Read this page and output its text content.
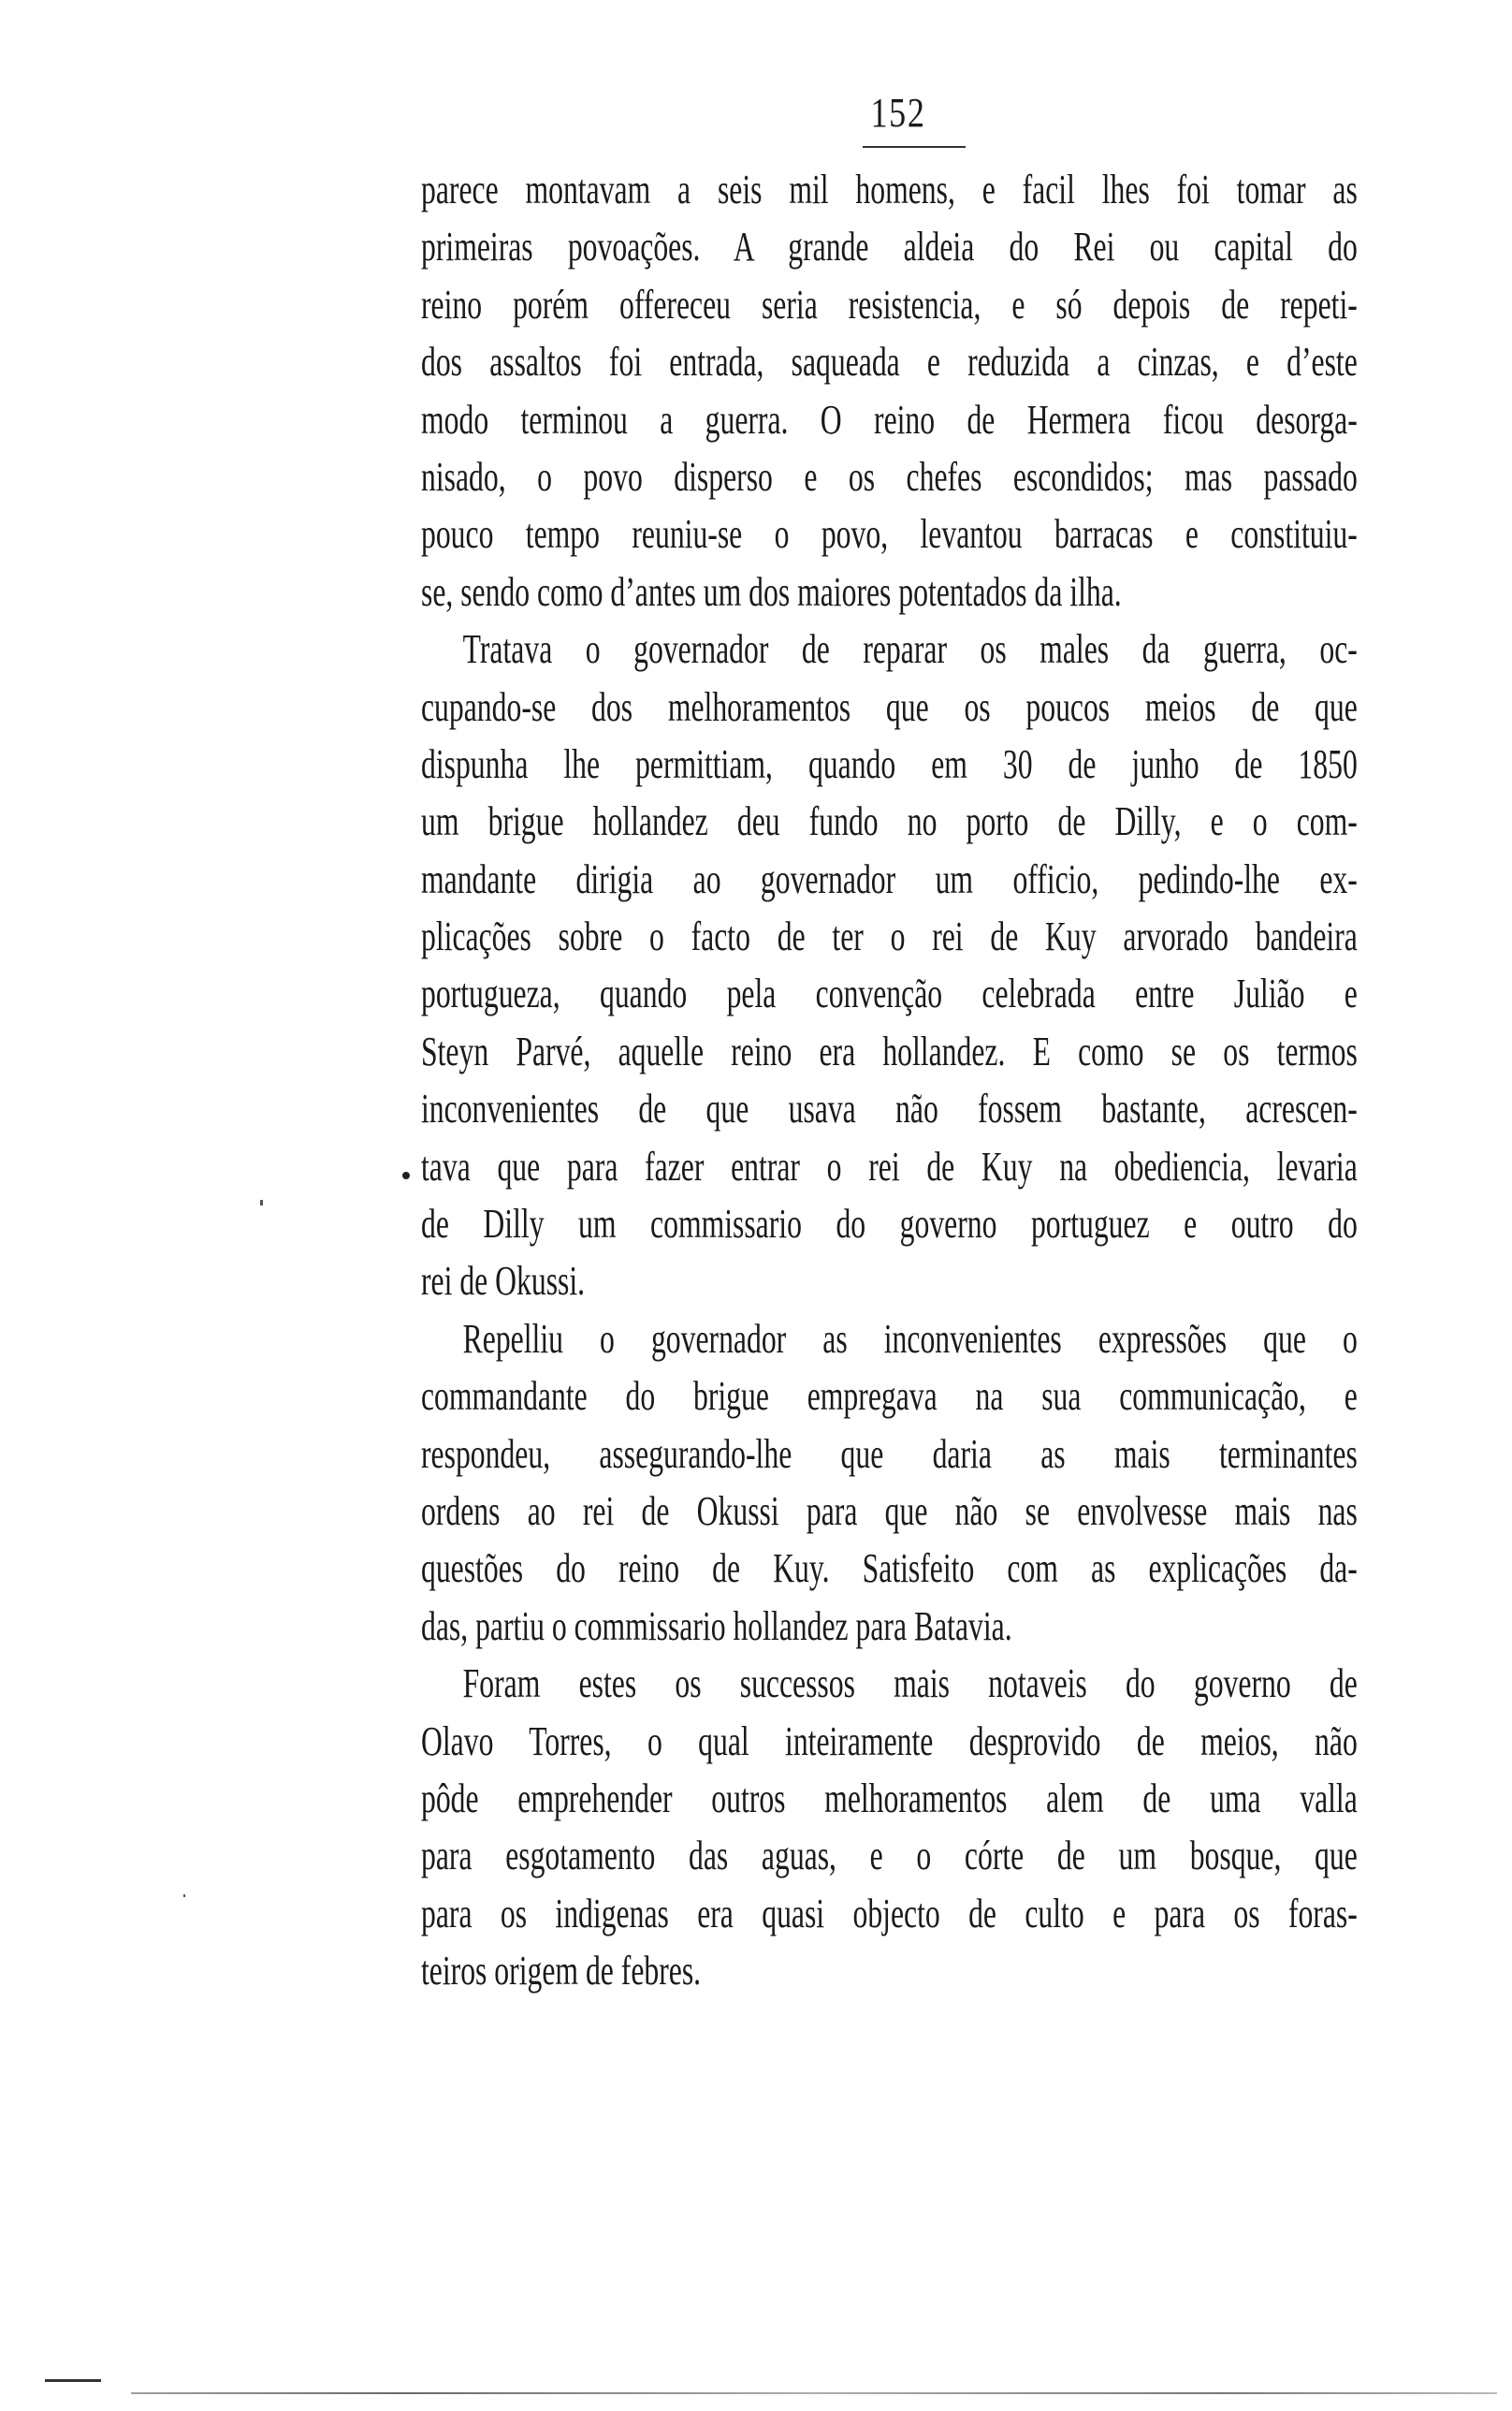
152
parece montavam a seis mil homens, e facil lhes foi tomar as
primeiras povoações. A grande aldeia do Rei ou capital do
reino porém offereceu seria resistencia, e só depois de repeti-
dos assaltos foi entrada, saqueada e reduzida a cinzas, e d’este
modo terminou a guerra. O reino de Hermera ficou desorga-
nisado, o povo disperso e os chefes escondidos; mas passado
pouco tempo reuniu-se o povo, levantou barracas e constituiu-
se, sendo como d’antes um dos maiores potentados da ilha.
Tratava o governador de reparar os males da guerra, oc-
cupando-se dos melhoramentos que os poucos meios de que
dispunha lhe permittiam, quando em 30 de junho de 1850
um brigue hollandez deu fundo no porto de Dilly, e o com-
mandante dirigia ao governador um officio, pedindo-lhe ex-
plicações sobre o facto de ter o rei de Kuy arvorado bandeira
portugueza, quando pela convenção celebrada entre Julião e
Steyn Parvé, aquelle reino era hollandez. E como se os termos
inconvenientes de que usava não fossem bastante, acrescen-
tava que para fazer entrar o rei de Kuy na obediencia, levaria
de Dilly um commissario do governo portuguez e outro do
rei de Okussi.
Repelliu o governador as inconvenientes expressões que o
commandante do brigue empregava na sua communicação, e
respondeu, assegurando-lhe que daria as mais terminantes
ordens ao rei de Okussi para que não se envolvesse mais nas
questões do reino de Kuy. Satisfeito com as explicações da-
das, partiu o commissario hollandez para Batavia.
Foram estes os successos mais notaveis do governo de
Olavo Torres, o qual inteiramente desprovido de meios, não
pôde emprehender outros melhoramentos alem de uma valla
para esgotamento das aguas, e o córte de um bosque, que
para os indigenas era quasi objecto de culto e para os foras-
teiros origem de febres.
